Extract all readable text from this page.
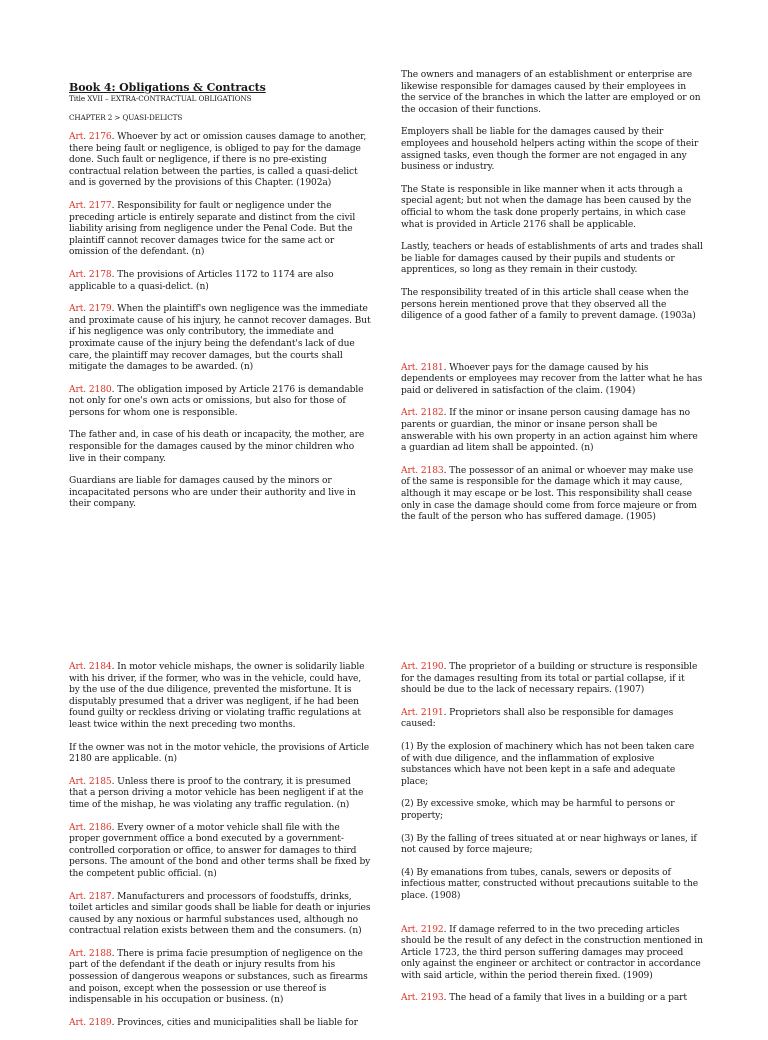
Book 4: Obligations & Contracts

Title XVII – EXTRA-CONTRACTUAL OBLIGATIONS

CHAPTER 2 > QUASI-DELICTS

Art. 2176. Whoever by act or omission causes damage to another, there being fault or negligence, is obliged to pay for the damage done. Such fault or negligence, if there is no pre-existing contractual relation between the parties, is called a quasi-delict and is governed by the provisions of this Chapter. (1902a)

Art. 2177. Responsibility for fault or negligence under the preceding article is entirely separate and distinct from the civil liability arising from negligence under the Penal Code. But the plaintiff cannot recover damages twice for the same act or omission of the defendant. (n)

Art. 2178. The provisions of Articles 1172 to 1174 are also applicable to a quasi-delict. (n)

Art. 2179. When the plaintiff's own negligence was the immediate and proximate cause of his injury, he cannot recover damages. But if his negligence was only contributory, the immediate and proximate cause of the injury being the defendant's lack of due care, the plaintiff may recover damages, but the courts shall mitigate the damages to be awarded. (n)

Art. 2180. The obligation imposed by Article 2176 is demandable not only for one's own acts or omissions, but also for those of persons for whom one is responsible.

The father and, in case of his death or incapacity, the mother, are responsible for the damages caused by the minor children who live in their company.

Guardians are liable for damages caused by the minors or incapacitated persons who are under their authority and live in their company.

The owners and managers of an establishment or enterprise are likewise responsible for damages caused by their employees in the service of the branches in which the latter are employed or on the occasion of their functions.

Employers shall be liable for the damages caused by their employees and household helpers acting within the scope of their assigned tasks, even though the former are not engaged in any business or industry.

The State is responsible in like manner when it acts through a special agent; but not when the damage has been caused by the official to whom the task done properly pertains, in which case what is provided in Article 2176 shall be applicable.

Lastly, teachers or heads of establishments of arts and trades shall be liable for damages caused by their pupils and students or apprentices, so long as they remain in their custody.

The responsibility treated of in this article shall cease when the persons herein mentioned prove that they observed all the diligence of a good father of a family to prevent damage. (1903a)

Art. 2181. Whoever pays for the damage caused by his dependents or employees may recover from the latter what he has paid or delivered in satisfaction of the claim. (1904)

Art. 2182. If the minor or insane person causing damage has no parents or guardian, the minor or insane person shall be answerable with his own property in an action against him where a guardian ad litem shall be appointed. (n)

Art. 2183. The possessor of an animal or whoever may make use of the same is responsible for the damage which it may cause, although it may escape or be lost. This responsibility shall cease only in case the damage should come from force majeure or from the fault of the person who has suffered damage. (1905)

Art. 2184. In motor vehicle mishaps, the owner is solidarily liable with his driver, if the former, who was in the vehicle, could have, by the use of the due diligence, prevented the misfortune. It is disputably presumed that a driver was negligent, if he had been found guilty or reckless driving or violating traffic regulations at least twice within the next preceding two months.

If the owner was not in the motor vehicle, the provisions of Article 2180 are applicable. (n)

Art. 2185. Unless there is proof to the contrary, it is presumed that a person driving a motor vehicle has been negligent if at the time of the mishap, he was violating any traffic regulation. (n)

Art. 2186. Every owner of a motor vehicle shall file with the proper government office a bond executed by a government-controlled corporation or office, to answer for damages to third persons. The amount of the bond and other terms shall be fixed by the competent public official. (n)

Art. 2187. Manufacturers and processors of foodstuffs, drinks, toilet articles and similar goods shall be liable for death or injuries caused by any noxious or harmful substances used, although no contractual relation exists between them and the consumers. (n)

Art. 2188. There is prima facie presumption of negligence on the part of the defendant if the death or injury results from his possession of dangerous weapons or substances, such as firearms and poison, except when the possession or use thereof is indispensable in his occupation or business. (n)

Art. 2189. Provinces, cities and municipalities shall be liable for

Art. 2190. The proprietor of a building or structure is responsible for the damages resulting from its total or partial collapse, if it should be due to the lack of necessary repairs. (1907)

Art. 2191. Proprietors shall also be responsible for damages caused:

(1) By the explosion of machinery which has not been taken care of with due diligence, and the inflammation of explosive substances which have not been kept in a safe and adequate place;

(2) By excessive smoke, which may be harmful to persons or property;

(3) By the falling of trees situated at or near highways or lanes, if not caused by force majeure;

(4) By emanations from tubes, canals, sewers or deposits of infectious matter, constructed without precautions suitable to the place. (1908)

Art. 2192. If damage referred to in the two preceding articles should be the result of any defect in the construction mentioned in Article 1723, the third person suffering damages may proceed only against the engineer or architect or contractor in accordance with said article, within the period therein fixed. (1909)

Art. 2193. The head of a family that lives in a building or a part
